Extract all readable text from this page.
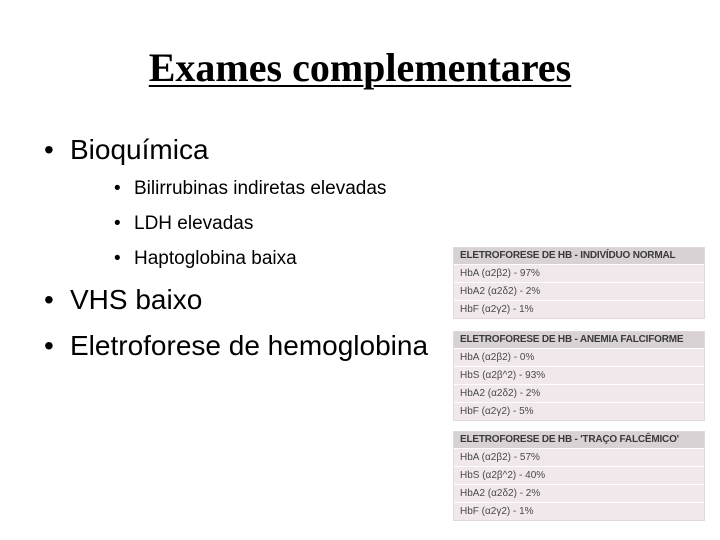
Exames complementares
• Bioquímica
• Bilirrubinas indiretas elevadas
• LDH elevadas
• Haptoglobina baixa
• VHS baixo
• Eletroforese de hemoglobina
ELETROFORESE DE HB - INDIVÍDUO NORMAL
HbA (α2β2) - 97%
HbA2 (α2δ2) - 2%
HbF (α2γ2) - 1%
ELETROFORESE DE HB - ANEMIA FALCIFORME
HbA (α2β2) - 0%
HbS (α2β^2) - 93%
HbA2 (α2δ2) - 2%
HbF (α2γ2) - 5%
ELETROFORESE DE HB - 'TRAÇO FALCÊMICO'
HbA (α2β2) - 57%
HbS (α2β^2) - 40%
HbA2 (α2δ2) - 2%
HbF (α2γ2) - 1%
